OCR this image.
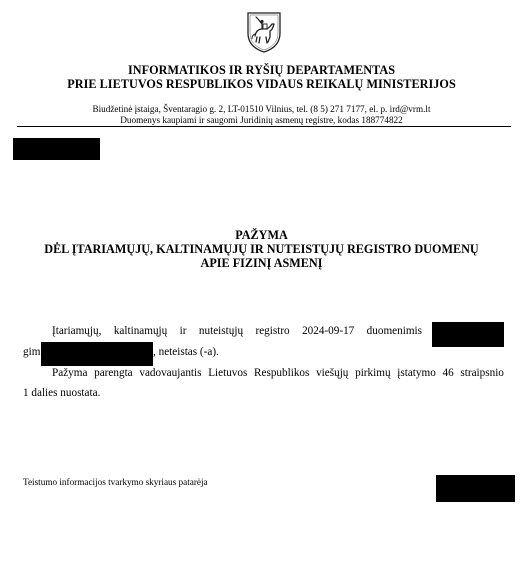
INFORMATIKOS IR RYŠIŲ DEPARTAMENTAS
PRIE LIETUVOS RESPUBLIKOS VIDAUS REIKALŲ MINISTERIJOS
Biudžetinė įstaiga, Šventaragio g. 2, LT-01510 Vilnius, tel. (8 5) 271 7177, el. p. ird@vrm.lt
Duomenys kaupiami ir saugomi Juridinių asmenų registre, kodas 188774822
PAŽYMA
DĖL ĮTARIAMŲJŲ, KALTINAMŲJŲ IR NUTEISTŲJŲ REGISTRO DUOMENŲ
APIE FIZINĮ ASMENĮ
Įtariamųjų, kaltinamųjų ir nuteistųjų registro 2024-09-17 duomenimis
gim	, neteistas (-a).
Pažyma parengta vadovaujantis Lietuvos Respublikos viešųjų pirkimų įstatymo 46 straipsnio
1 dalies nuostata.
Teistumo informacijos tvarkymo skyriaus patarėja
